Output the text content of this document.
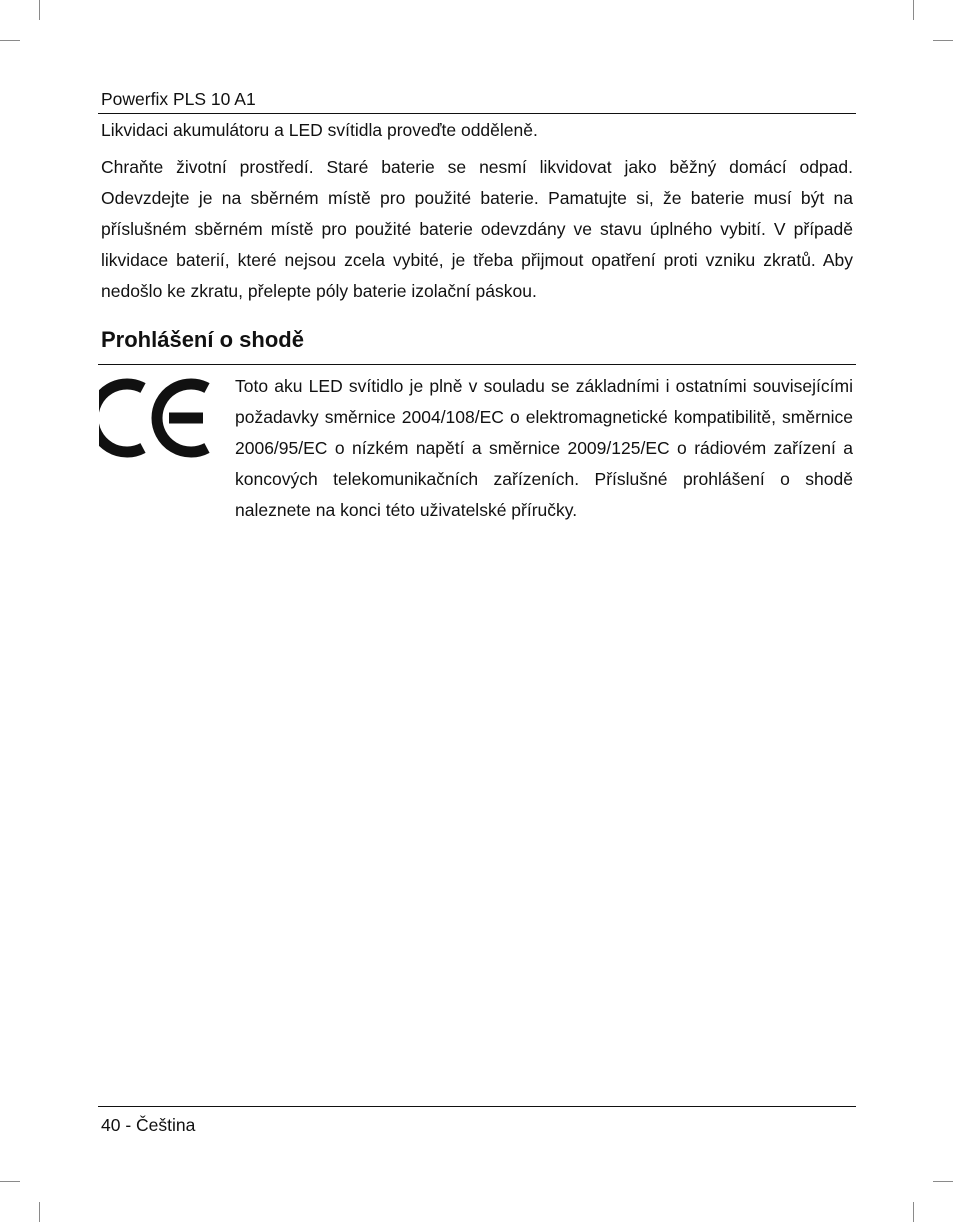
Powerfix PLS 10 A1

Likvidaci akumulátoru a LED svítidla proveďte odděleně.

Chraňte životní prostředí. Staré baterie se nesmí likvidovat jako běžný domácí odpad. Odevzdejte je na sběrném místě pro použité baterie. Pamatujte si, že baterie musí být na příslušném sběrném místě pro použité baterie odevzdány ve stavu úplného vybití. V případě likvidace baterií, které nejsou zcela vybité, je třeba přijmout opatření proti vzniku zkratů. Aby nedošlo ke zkratu, přelepte póly baterie izolační páskou.

Prohlášení o shodě

Toto aku LED svítidlo je plně v souladu se základními i ostatními souvisejícími požadavky směrnice 2004/108/EC o elektromagnetické kompatibilitě, směrnice 2006/95/EC o nízkém napětí a směrnice 2009/125/EC o rádiovém zařízení a koncových telekomunikačních zařízeních. Příslušné prohlášení o shodě naleznete na konci této uživatelské příručky.

40 - Čeština
